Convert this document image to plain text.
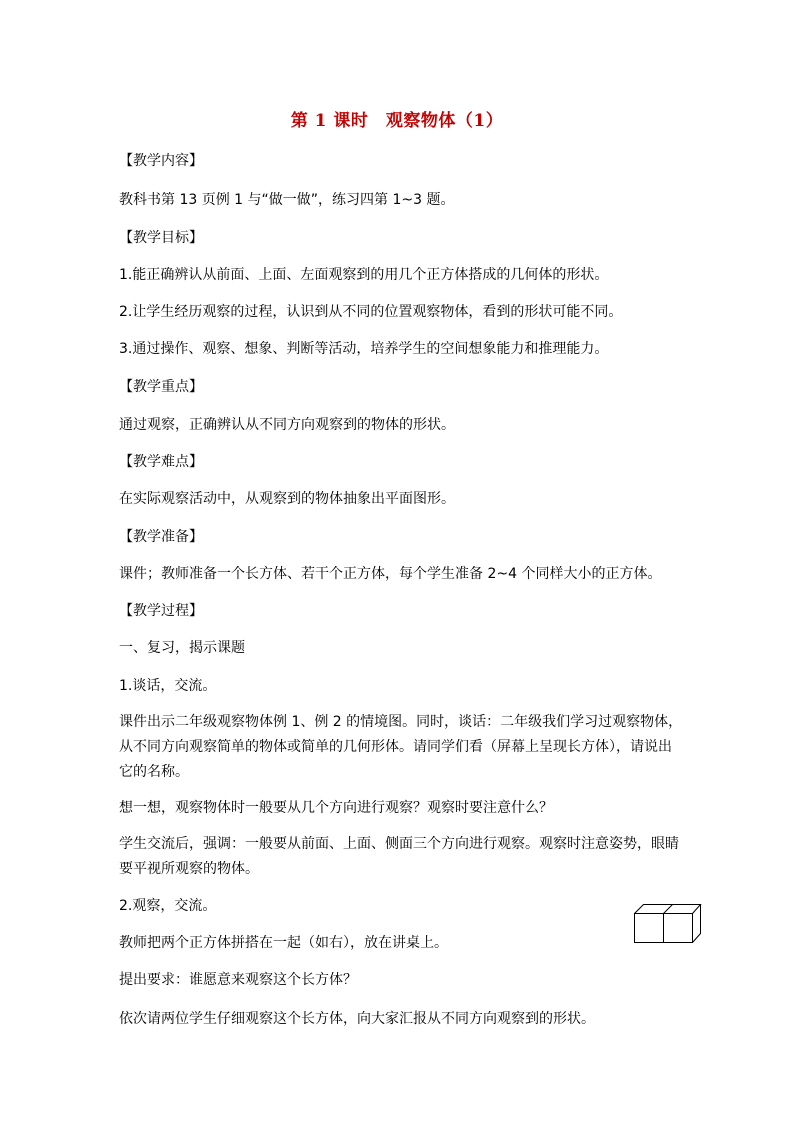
第 1 课时　观察物体（1）
【教学内容】
教科书第 13 页例 1 与“做一做”，练习四第 1~3 题。
【教学目标】
1.能正确辨认从前面、上面、左面观察到的用几个正方体搭成的几何体的形状。
2.让学生经历观察的过程，认识到从不同的位置观察物体，看到的形状可能不同。
3.通过操作、观察、想象、判断等活动，培养学生的空间想象能力和推理能力。
【教学重点】
通过观察，正确辨认从不同方向观察到的物体的形状。
【教学难点】
在实际观察活动中，从观察到的物体抽象出平面图形。
【教学准备】
课件；教师准备一个长方体、若干个正方体，每个学生准备 2~4 个同样大小的正方体。
【教学过程】
一、复习，揭示课题
1.谈话，交流。
课件出示二年级观察物体例 1、例 2 的情境图。同时，谈话：二年级我们学习过观察物体，从不同方向观察简单的物体或简单的几何形体。请同学们看（屏幕上呈现长方体），请说出它的名称。
想一想，观察物体时一般要从几个方向进行观察？观察时要注意什么？
学生交流后，强调：一般要从前面、上面、侧面三个方向进行观察。观察时注意姿势，眼睛要平视所观察的物体。
2.观察，交流。
教师把两个正方体拼搭在一起（如右），放在讲桌上。
提出要求：谁愿意来观察这个长方体？
依次请两位学生仔细观察这个长方体，向大家汇报从不同方向观察到的形状。
